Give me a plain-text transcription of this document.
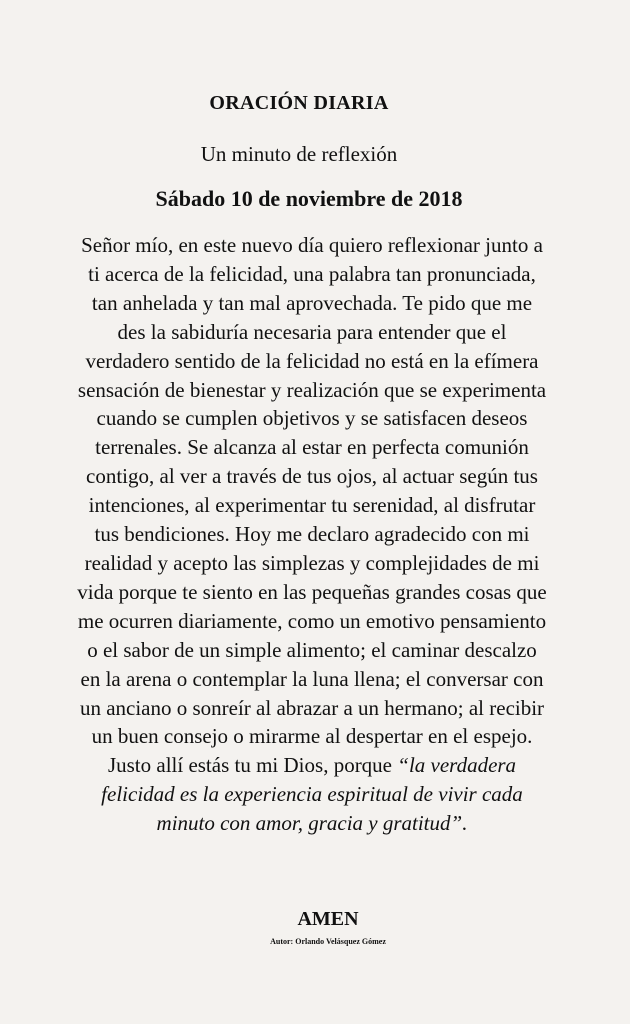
ORACIÓN DIARIA
Un minuto de reflexión
Sábado 10 de noviembre de 2018
Señor mío, en este nuevo día quiero reflexionar junto a ti acerca de la felicidad, una palabra tan pronunciada, tan anhelada y tan mal aprovechada. Te pido que me des la sabiduría necesaria para entender que el verdadero sentido de la felicidad no está en la efímera sensación de bienestar y realización que se experimenta cuando se cumplen objetivos y se satisfacen deseos terrenales. Se alcanza al estar en perfecta comunión contigo, al ver a través de tus ojos, al actuar según tus intenciones, al experimentar tu serenidad, al disfrutar tus bendiciones. Hoy me declaro agradecido con mi realidad y acepto las simplezas y complejidades de mi vida porque te siento en las pequeñas grandes cosas que me ocurren diariamente, como un emotivo pensamiento o el sabor de un simple alimento; el caminar descalzo en la arena o contemplar la luna llena; el conversar con un anciano o sonreír al abrazar a un hermano; al recibir un buen consejo o mirarme al despertar en el espejo. Justo allí estás tu mi Dios, porque “la verdadera felicidad es la experiencia espiritual de vivir cada minuto con amor, gracia y gratitud”.
AMEN
Autor: Orlando Velásquez Gómez
